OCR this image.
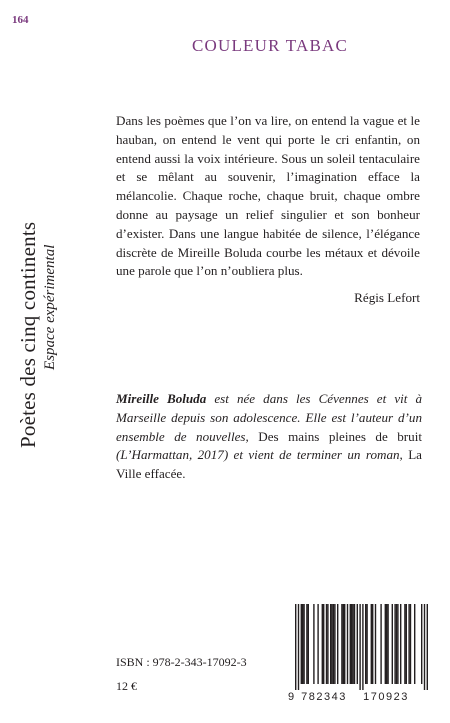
164
Poètes des cinq continents Espace expérimental
COULEUR TABAC
Dans les poèmes que l’on va lire, on entend la vague et le hauban, on entend le vent qui porte le cri enfantin, on entend aussi la voix intérieure. Sous un soleil tentaculaire et se mêlant au souvenir, l’imagination efface la mélancolie. Chaque roche, chaque bruit, chaque ombre donne au paysage un relief singulier et son bonheur d’exister. Dans une langue habitée de silence, l’élégance discrète de Mireille Boluda courbe les métaux et dévoile une parole que l’on n’oubliera plus.
Régis Lefort
Mireille Boluda est née dans les Cévennes et vit à Marseille depuis son adolescence. Elle est l’auteur d’un ensemble de nouvelles, Des mains pleines de bruit (L’Harmattan, 2017) et vient de terminer un roman, La Ville effacée.
ISBN : 978-2-343-17092-3
12 €
9 782343 170923
